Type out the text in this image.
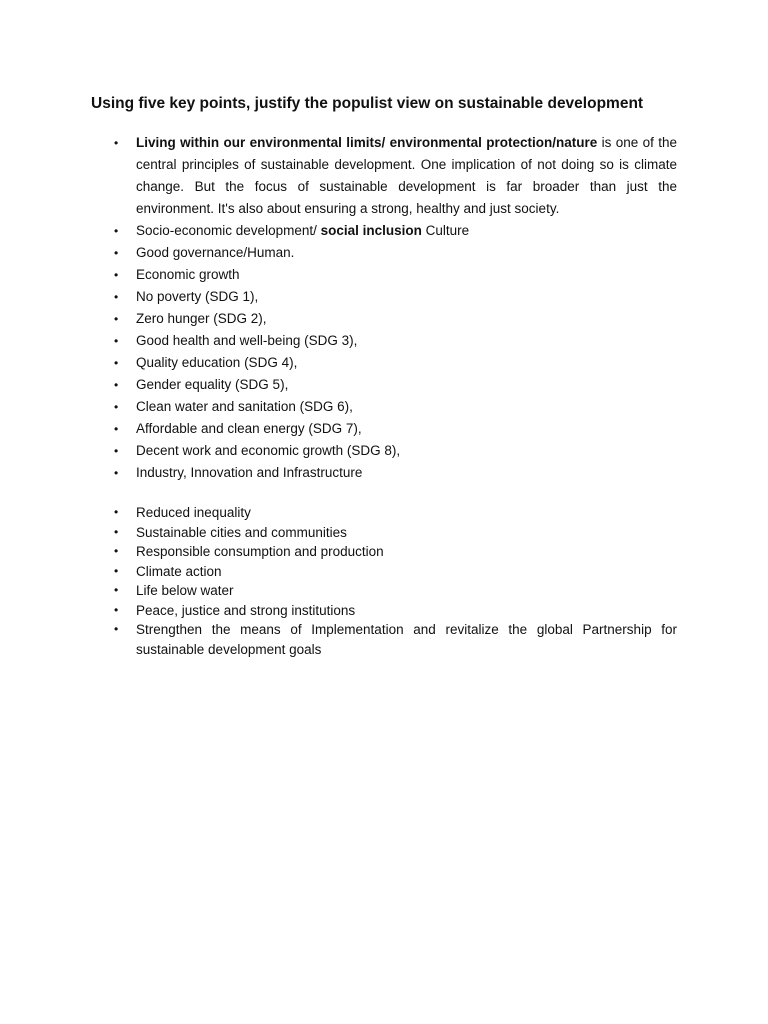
Using five key points, justify the populist view on sustainable development
• Living within our environmental limits/ environmental protection/nature is one of the central principles of sustainable development. One implication of not doing so is climate change. But the focus of sustainable development is far broader than just the environment. It's also about ensuring a strong, healthy and just society.
• Socio-economic development/ social inclusion Culture
• Good governance/Human.
• Economic growth
• No poverty (SDG 1),
• Zero hunger (SDG 2),
• Good health and well-being (SDG 3),
• Quality education (SDG 4),
• Gender equality (SDG 5),
• Clean water and sanitation (SDG 6),
• Affordable and clean energy (SDG 7),
• Decent work and economic growth (SDG 8),
• Industry, Innovation and Infrastructure
• Reduced inequality
• Sustainable cities and communities
• Responsible consumption and production
• Climate action
• Life below water
• Peace, justice and strong institutions
• Strengthen the means of Implementation and revitalize the global Partnership for sustainable development goals
